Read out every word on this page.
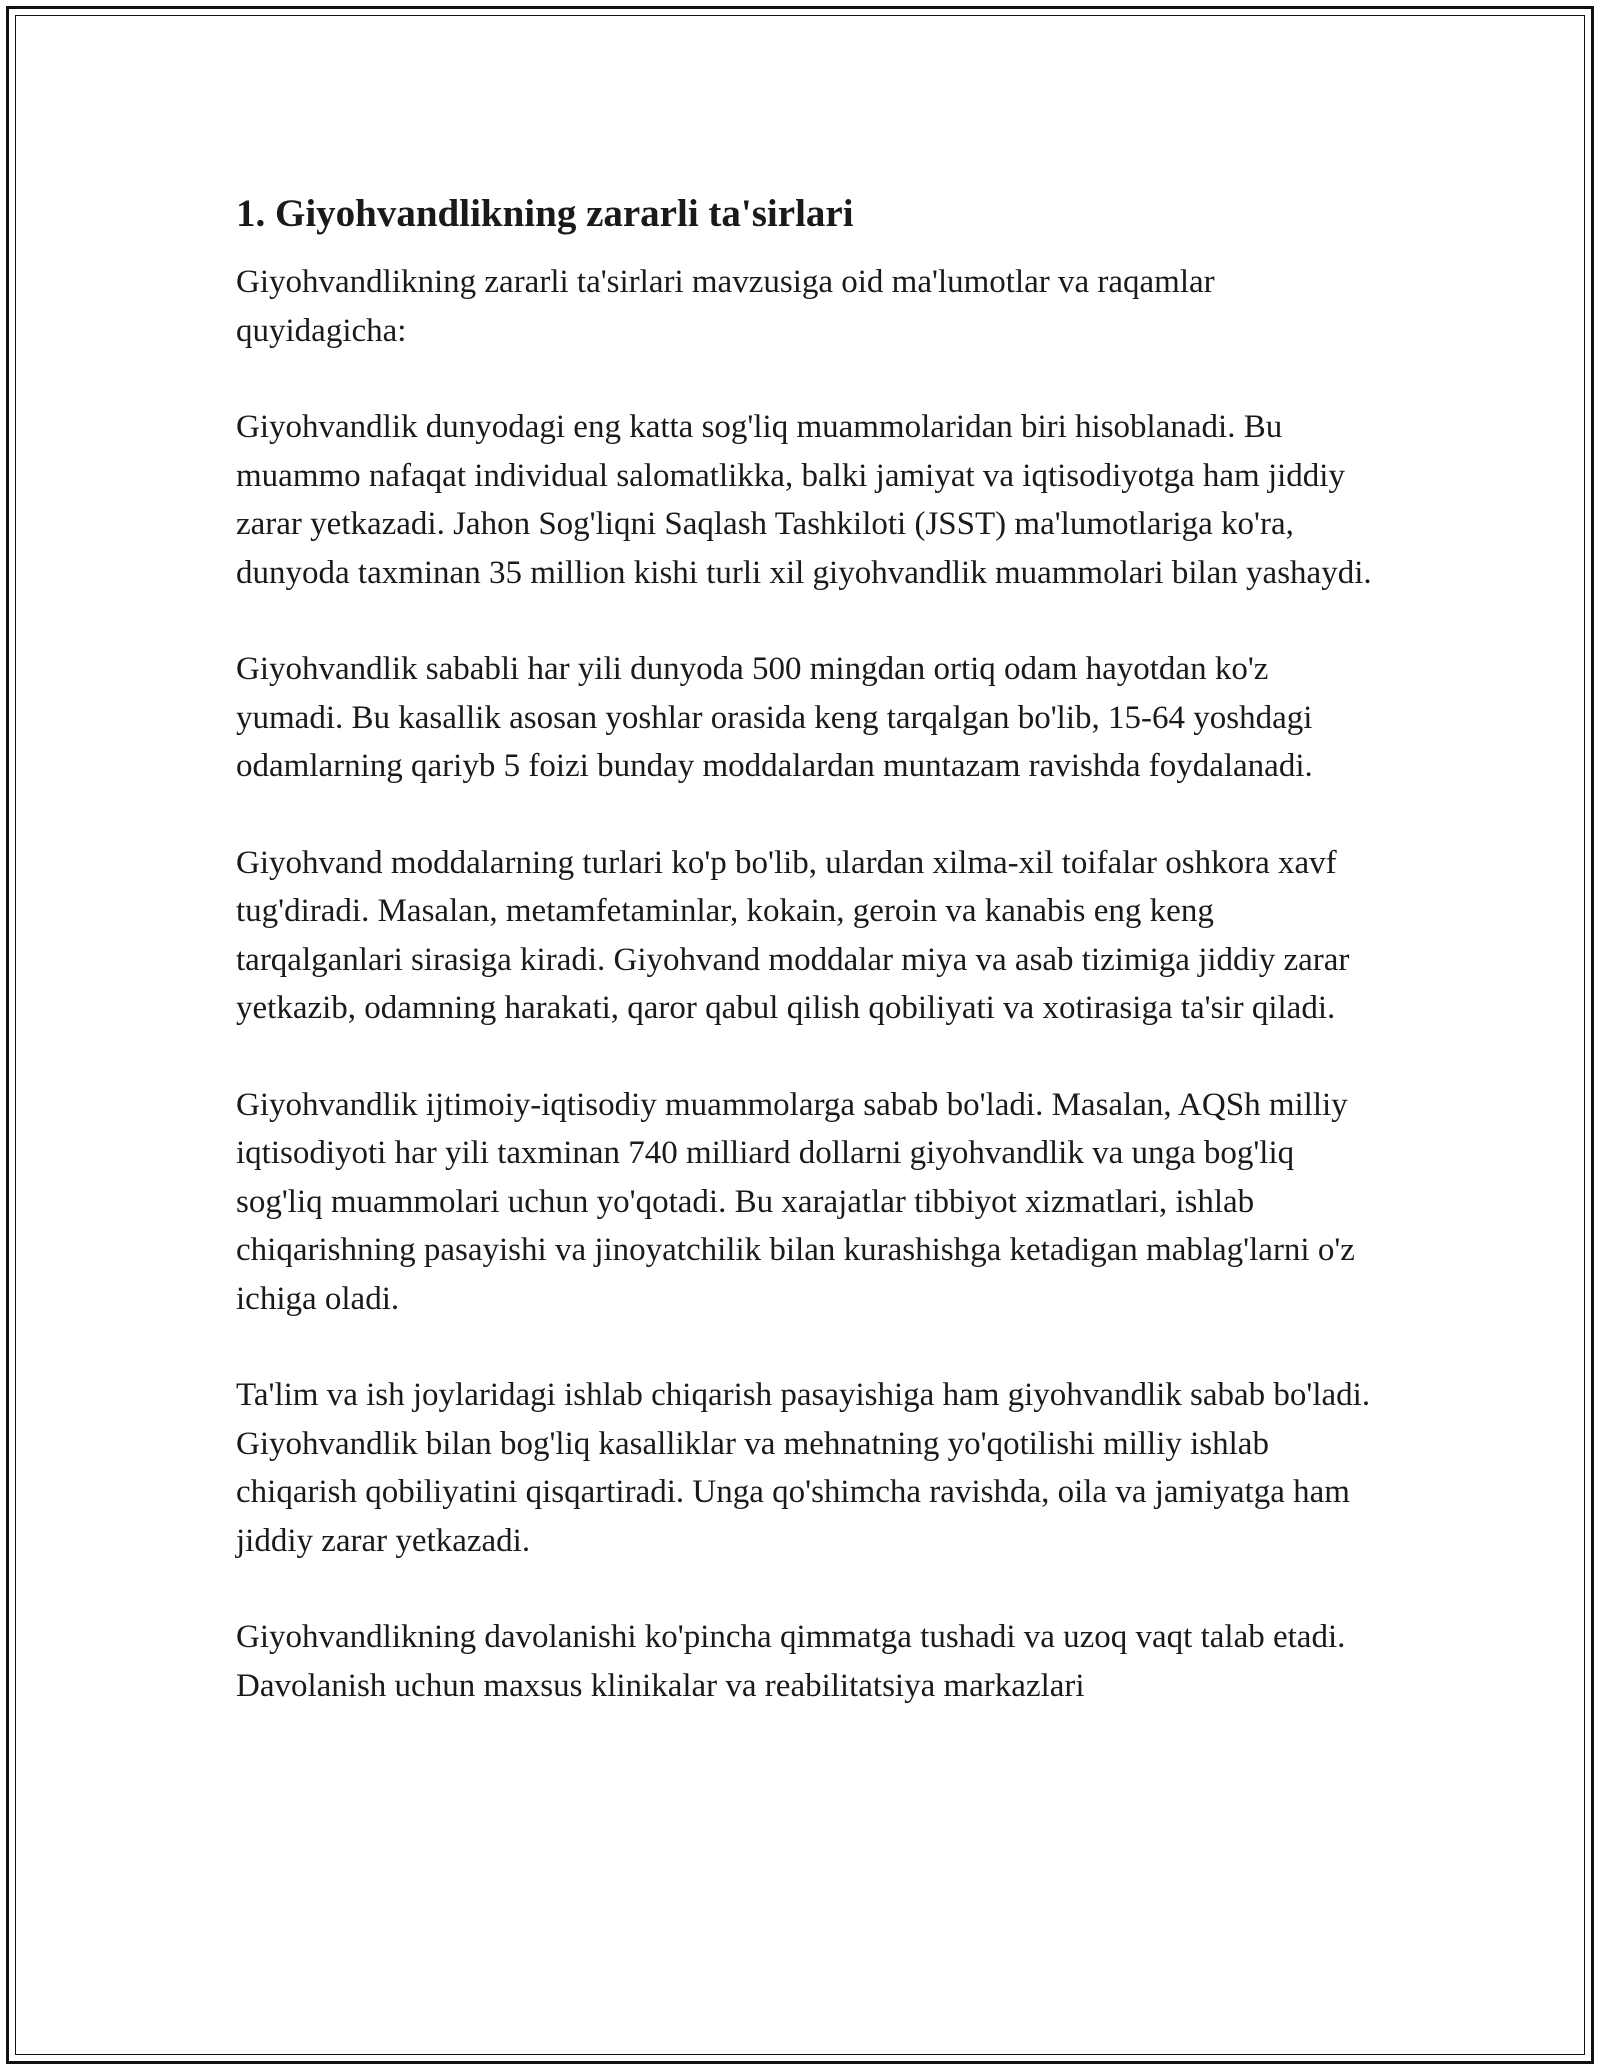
1. Giyohvandlikning zararli ta'sirlari

Giyohvandlikning zararli ta'sirlari mavzusiga oid ma'lumotlar va raqamlar quyidagicha:

Giyohvandlik dunyodagi eng katta sog'liq muammolaridan biri hisoblanadi. Bu muammo nafaqat individual salomatlikka, balki jamiyat va iqtisodiyotga ham jiddiy zarar yetkazadi. Jahon Sog'liqni Saqlash Tashkiloti (JSST) ma'lumotlariga ko'ra, dunyoda taxminan 35 million kishi turli xil giyohvandlik muammolari bilan yashaydi.

Giyohvandlik sababli har yili dunyoda 500 mingdan ortiq odam hayotdan ko'z yumadi. Bu kasallik asosan yoshlar orasida keng tarqalgan bo'lib, 15-64 yoshdagi odamlarning qariyb 5 foizi bunday moddalardan muntazam ravishda foydalanadi.

Giyohvand moddalarning turlari ko'p bo'lib, ulardan xilma-xil toifalar oshkora xavf tug'diradi. Masalan, metamfetaminlar, kokain, geroin va kanabis eng keng tarqalganlari sirasiga kiradi. Giyohvand moddalar miya va asab tizimiga jiddiy zarar yetkazib, odamning harakati, qaror qabul qilish qobiliyati va xotirasiga ta'sir qiladi.

Giyohvandlik ijtimoiy-iqtisodiy muammolarga sabab bo'ladi. Masalan, AQSh milliy iqtisodiyoti har yili taxminan 740 milliard dollarni giyohvandlik va unga bog'liq sog'liq muammolari uchun yo'qotadi. Bu xarajatlar tibbiyot xizmatlari, ishlab chiqarishning pasayishi va jinoyatchilik bilan kurashishga ketadigan mablag'larni o'z ichiga oladi.

Ta'lim va ish joylaridagi ishlab chiqarish pasayishiga ham giyohvandlik sabab bo'ladi. Giyohvandlik bilan bog'liq kasalliklar va mehnatning yo'qotilishi milliy ishlab chiqarish qobiliyatini qisqartiradi. Unga qo'shimcha ravishda, oila va jamiyatga ham jiddiy zarar yetkazadi.

Giyohvandlikning davolanishi ko'pincha qimmatga tushadi va uzoq vaqt talab etadi. Davolanish uchun maxsus klinikalar va reabilitatsiya markazlari
